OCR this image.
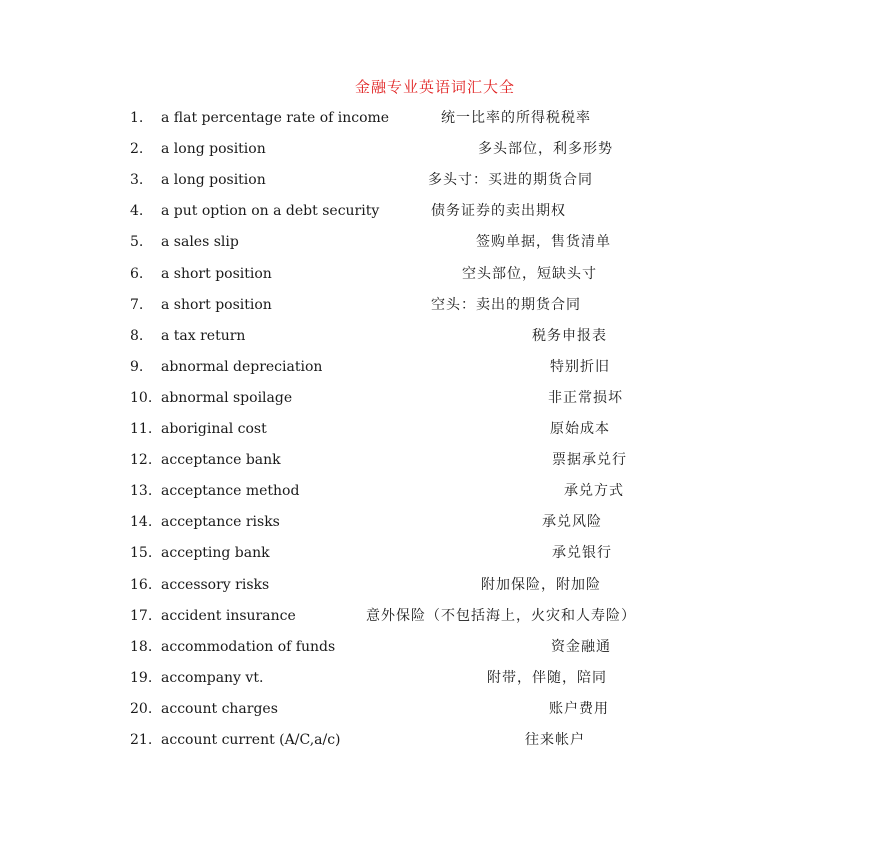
金融专业英语词汇大全
1. a flat percentage rate of income	统一比率的所得税税率
2. a long position	多头部位，利多形势
3. a long position	多头寸：买进的期货合同
4. a put option on a debt security	债务证券的卖出期权
5. a sales slip	签购单据，售货清单
6. a short position	空头部位，短缺头寸
7. a short position	空头：卖出的期货合同
8. a tax return	税务申报表
9. abnormal depreciation	特别折旧
10. abnormal spoilage	非正常损坏
11. aboriginal cost	原始成本
12. acceptance bank	票据承兑行
13. acceptance method	承兑方式
14. acceptance risks	承兑风险
15. accepting bank	承兑银行
16. accessory risks	附加保险，附加险
17. accident insurance	意外保险（不包括海上，火灾和人寿险）
18. accommodation of funds	资金融通
19. accompany vt.	附带，伴随，陪同
20. account charges	账户费用
21. account current (A/C,a/c)	往来帐户
